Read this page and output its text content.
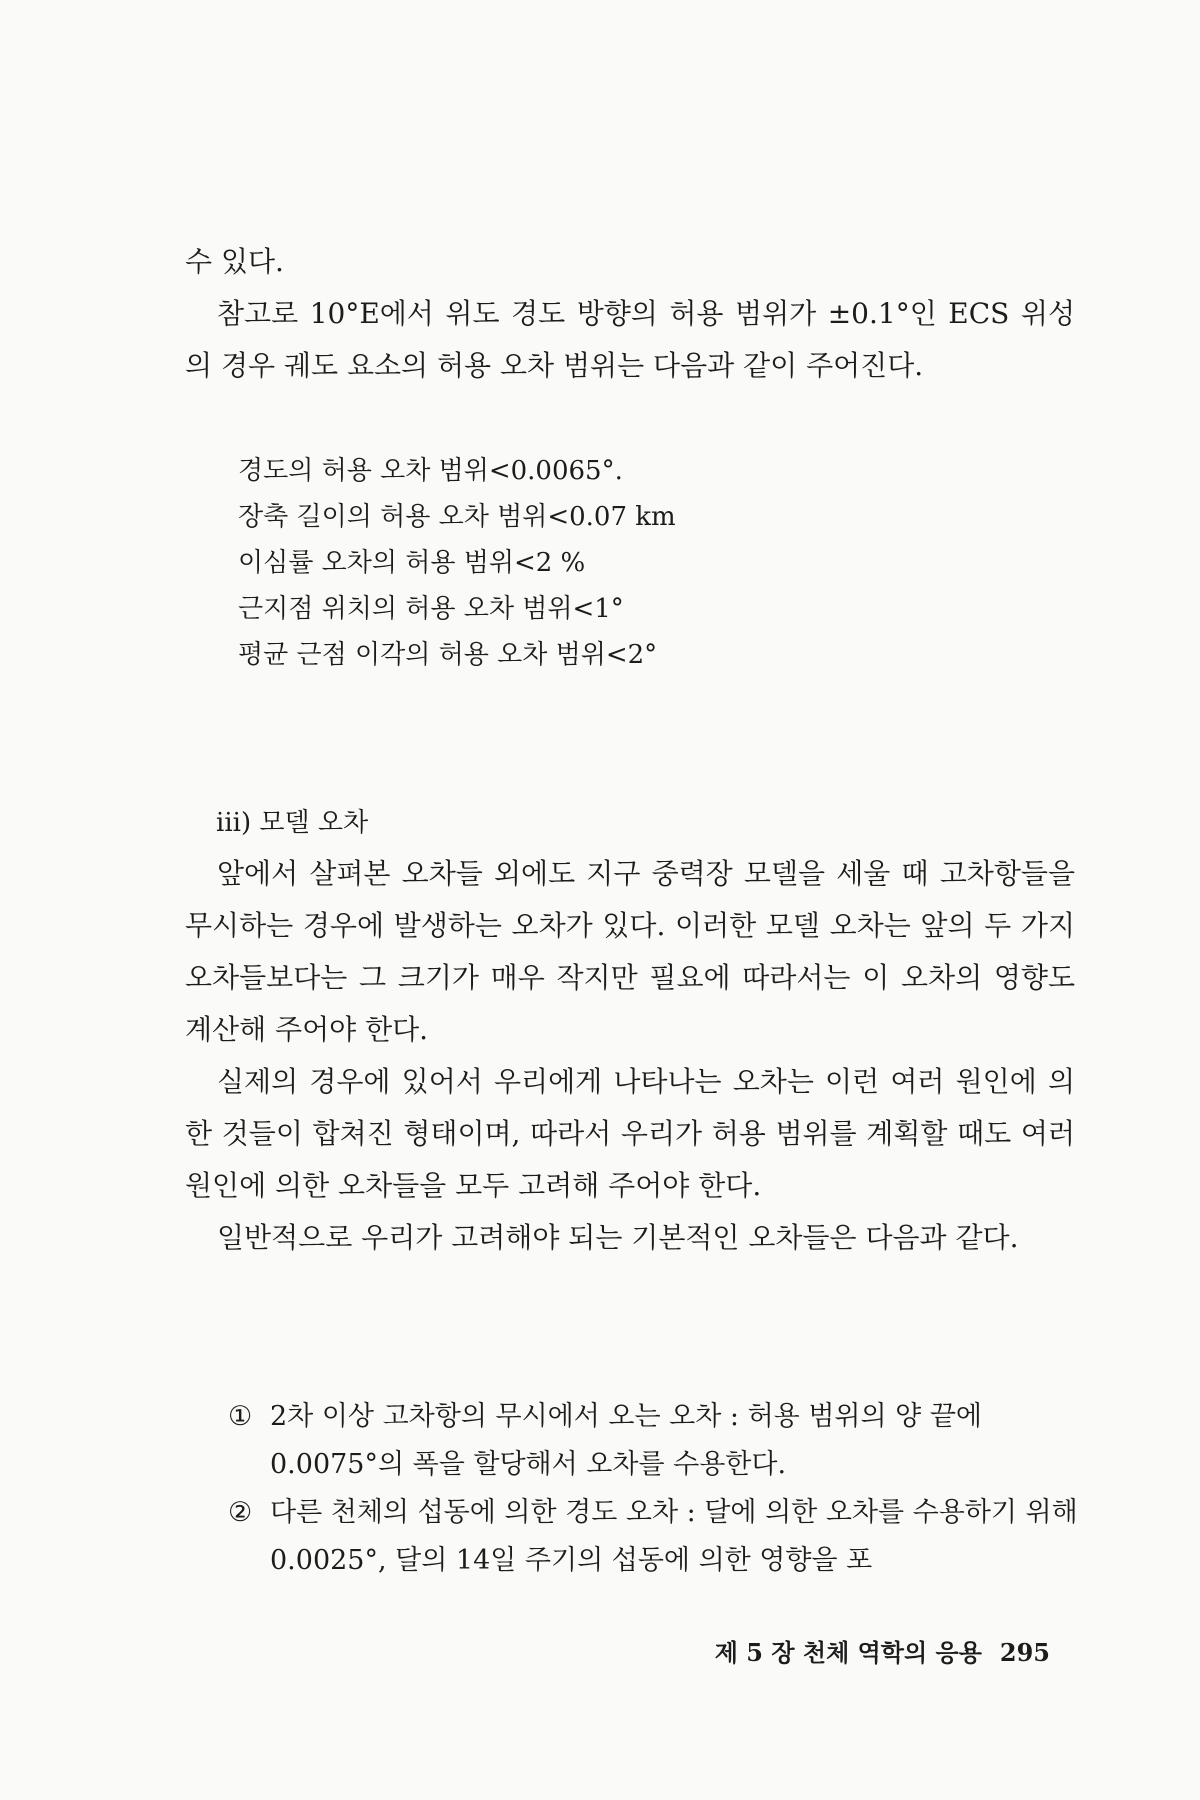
수 있다.

참고로 10°E에서 위도 경도 방향의 허용 범위가 ±0.1°인 ECS 위성의 경우 궤도 요소의 허용 오차 범위는 다음과 같이 주어진다.

경도의 허용 오차 범위<0.0065°.
장축 길이의 허용 오차 범위<0.07 km
이심률 오차의 허용 범위<2 %
근지점 위치의 허용 오차 범위<1°
평균 근점 이각의 허용 오차 범위<2°
iii) 모델 오차

앞에서 살펴본 오차들 외에도 지구 중력장 모델을 세울 때 고차항들을 무시하는 경우에 발생하는 오차가 있다. 이러한 모델 오차는 앞의 두 가지 오차들보다는 그 크기가 매우 작지만 필요에 따라서는 이 오차의 영향도 계산해 주어야 한다.

실제의 경우에 있어서 우리에게 나타나는 오차는 이런 여러 원인에 의한 것들이 합쳐진 형태이며, 따라서 우리가 허용 범위를 계획할 때도 여러 원인에 의한 오차들을 모두 고려해 주어야 한다.

일반적으로 우리가 고려해야 되는 기본적인 오차들은 다음과 같다.

① 2차 이상 고차항의 무시에서 오는 오차 : 허용 범위의 양 끝에 0.0075°의 폭을 할당해서 오차를 수용한다.
② 다른 천체의 섭동에 의한 경도 오차 : 달에 의한 오차를 수용하기 위해 0.0025°, 달의 14일 주기의 섭동에 의한 영향을 포
제 5 장 천체 역학의 응용 295
